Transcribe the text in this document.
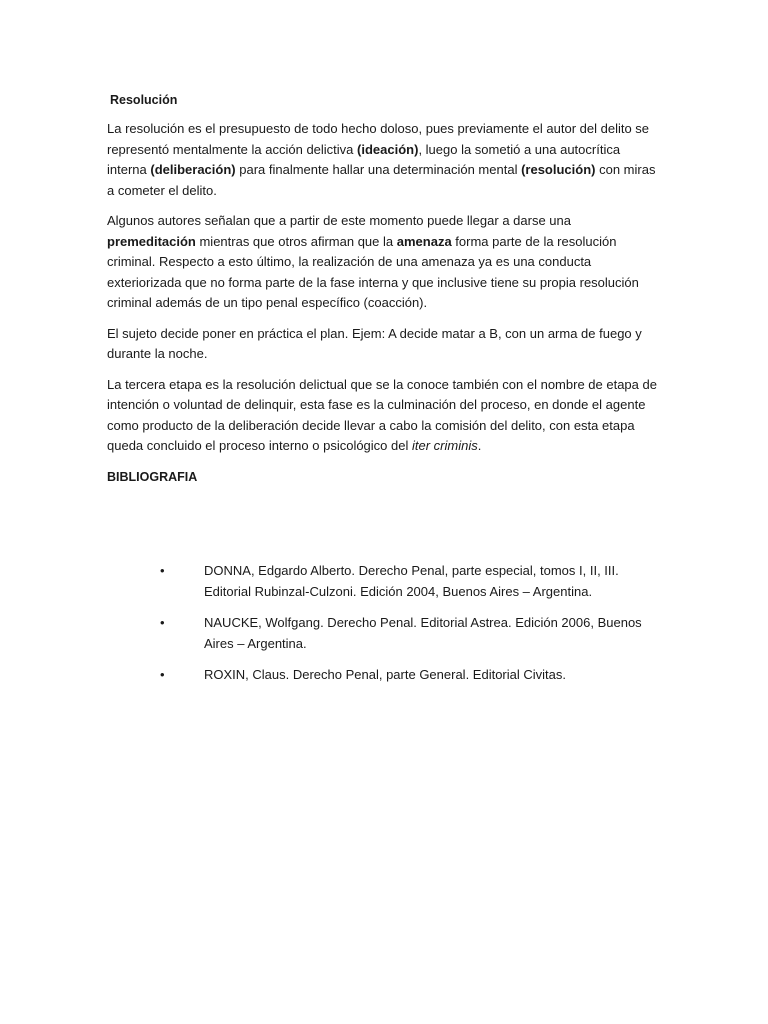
Resolución

La resolución es el presupuesto de todo hecho doloso, pues previamente el autor del delito se representó mentalmente la acción delictiva (ideación), luego la sometió a una autocrítica interna (deliberación) para finalmente hallar una determinación mental (resolución) con miras a cometer el delito.

Algunos autores señalan que a partir de este momento puede llegar a darse una premeditación mientras que otros afirman que la amenaza forma parte de la resolución criminal. Respecto a esto último, la realización de una amenaza ya es una conducta exteriorizada que no forma parte de la fase interna y que inclusive tiene su propia resolución criminal además de un tipo penal específico (coacción).

El sujeto decide poner en práctica el plan. Ejem: A decide matar a B, con un arma de fuego y durante la noche.

La tercera etapa es la resolución delictual que se la conoce también con el nombre de etapa de intención o voluntad de delinquir, esta fase es la culminación del proceso, en donde el agente como producto de la deliberación decide llevar a cabo la comisión del delito, con esta etapa queda concluido el proceso interno o psicológico del iter criminis.

BIBLIOGRAFIA
•	DONNA, Edgardo Alberto. Derecho Penal, parte especial, tomos I, II, III. Editorial Rubinzal-Culzoni. Edición 2004, Buenos Aires – Argentina.
•	NAUCKE, Wolfgang. Derecho Penal. Editorial Astrea. Edición 2006, Buenos Aires – Argentina.
•	ROXIN, Claus. Derecho Penal, parte General. Editorial Civitas.
